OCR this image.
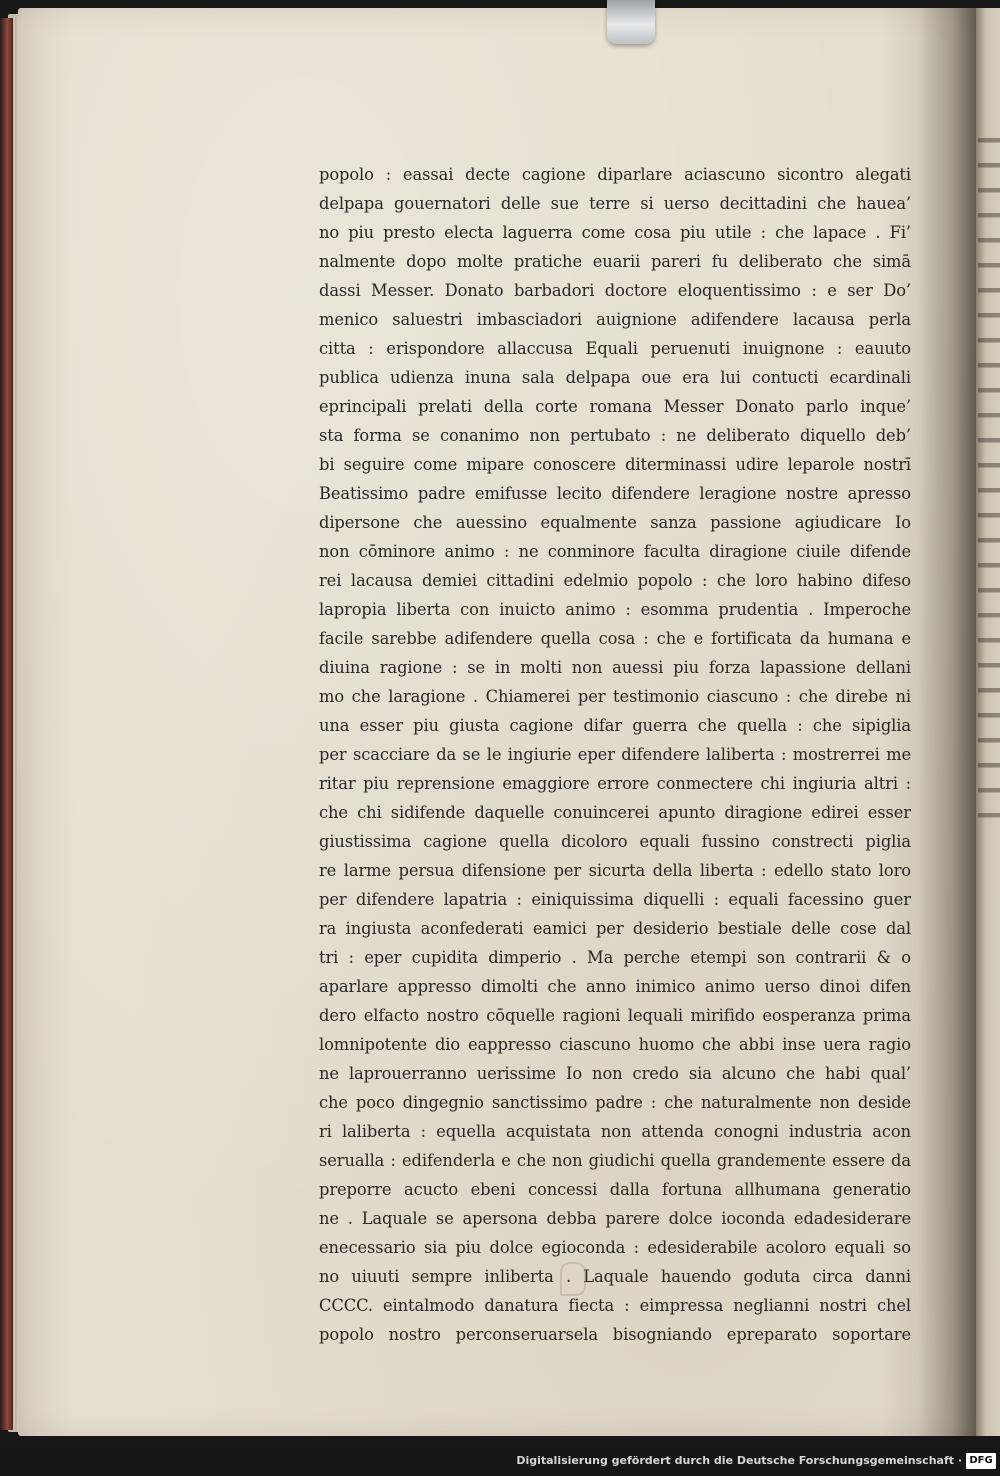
popolo : eassai decte cagione diparlare aciascuno sicontro alegati
delpapa gouernatori delle sue terre si uerso decittadini che hauea’
no piu presto electa laguerra come cosa piu utile : che lapace . Fi’
nalmente dopo molte pratiche euarii pareri fu deliberato che simā
dassi Messer. Donato barbadori doctore eloquentissimo : e ser Do’
menico saluestri imbasciadori auignione adifendere lacausa perla
citta : erispondore allaccusa Equali peruenuti inuignone : eauuto
publica udienza inuna sala delpapa oue era lui contucti ecardinali
eprincipali prelati della corte romana Messer Donato parlo inque’
sta forma se conanimo non pertubato : ne deliberato diquello deb’
bi seguire come mipare conoscere diterminassi udire leparole nostrī
Beatissimo padre emifusse lecito difendere leragione nostre apresso
dipersone che auessino equalmente sanza passione agiudicare Io
non cōminore animo : ne conminore faculta diragione ciuile difende
rei lacausa demiei cittadini edelmio popolo : che loro habino difeso
lapropia liberta con inuicto animo : esomma prudentia . Imperoche
facile sarebbe adifendere quella cosa : che e fortificata da humana e
diuina ragione : se in molti non auessi piu forza lapassione dellani
mo che laragione . Chiamerei per testimonio ciascuno : che direbe ni
una esser piu giusta cagione difar guerra che quella : che sipiglia
per scacciare da se le ingiurie eper difendere laliberta : mostrerrei me
ritar piu reprensione emaggiore errore conmectere chi ingiuria altri :
che chi sidifende daquelle conuincerei apunto diragione edirei esser
giustissima cagione quella dicoloro equali fussino constrecti piglia
re larme persua difensione per sicurta della liberta : edello stato loro
per difendere lapatria : einiquissima diquelli : equali facessino guer
ra ingiusta aconfederati eamici per desiderio bestiale delle cose dal
tri : eper cupidita dimperio . Ma perche etempi son contrarii & o
aparlare appresso dimolti che anno inimico animo uerso dinoi difen
dero elfacto nostro cōquelle ragioni lequali mirifido eosperanza prima
lomnipotente dio eappresso ciascuno huomo che abbi inse uera ragio
ne laprouerranno uerissime Io non credo sia alcuno che habi qual’
che poco dingegnio sanctissimo padre : che naturalmente non deside
ri laliberta : equella acquistata non attenda conogni industria acon
serualla : edifenderla e che non giudichi quella grandemente essere da
preporre acucto ebeni concessi dalla fortuna allhumana generatio
ne . Laquale se apersona debba parere dolce ioconda edadesiderare
enecessario sia piu dolce egioconda : edesiderabile acoloro equali so
no uiuuti sempre inliberta . Laquale hauendo goduta circa danni
CCCC. eintalmodo danatura fiecta : eimpressa neglianni nostri chel
popolo nostro perconseruarsela bisogniando epreparato soportare
Digitalisierung gefördert durch die Deutsche Forschungsgemeinschaft · DFG
